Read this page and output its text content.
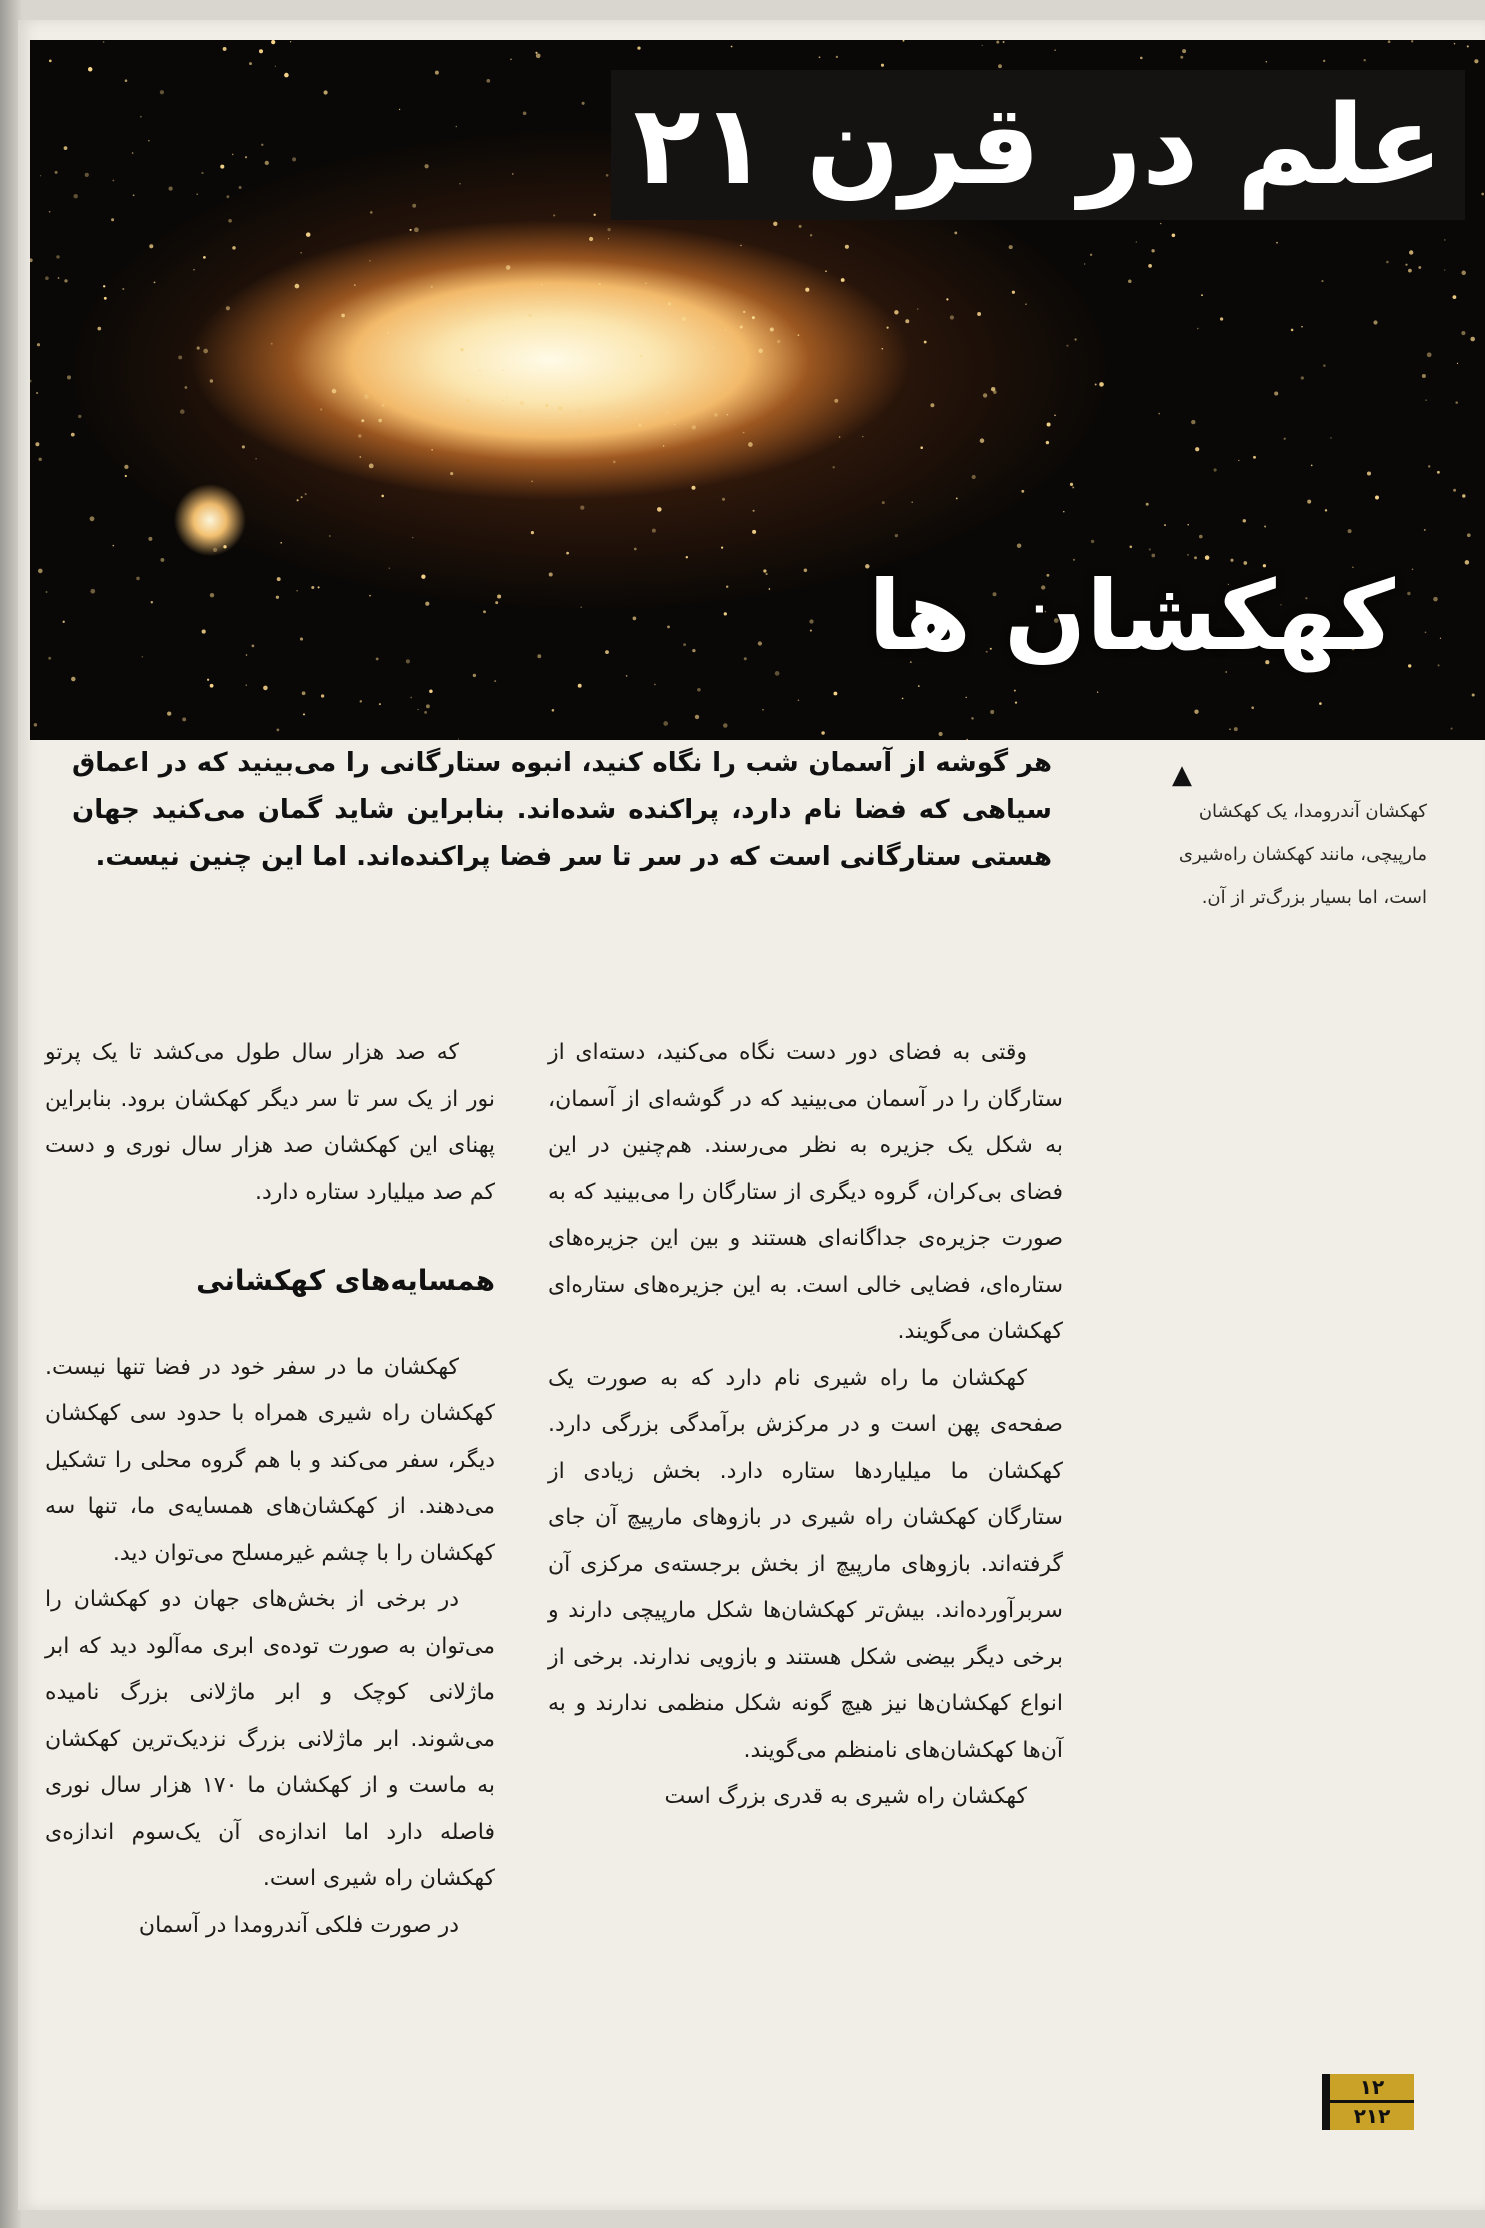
علم در قرن ۲۱
کهکشان ها
▲
کهکشان آندرومدا، یک کهکشان مارپیچی، مانند کهکشان راه‌شیری است، اما بسیار بزرگ‌تر از آن.
هر گوشه از آسمان شب را نگاه کنید، انبوه ستارگانی را می‌بینید که در اعماق سیاهی که فضا نام دارد، پراکنده شده‌اند. بنابراین شاید گمان می‌کنید جهان هستی ستارگانی است که در سر تا سر فضا پراکنده‌اند. اما این چنین نیست.

وقتی به فضای دور دست نگاه می‌کنید، دسته‌ای از ستارگان را در آسمان می‌بینید که در گوشه‌ای از آسمان، به شکل یک جزیره به نظر می‌رسند. هم‌چنین در این فضای بی‌کران، گروه دیگری از ستارگان را می‌بینید که به صورت جزیره‌ی جداگانه‌ای هستند و بین این جزیره‌های ستاره‌ای، فضایی خالی است. به این جزیره‌های ستاره‌ای کهکشان می‌گویند.

کهکشان ما راه شیری نام دارد که به صورت یک صفحه‌ی پهن است و در مرکزش برآمدگی بزرگی دارد. کهکشان ما میلیاردها ستاره دارد. بخش زیادی از ستارگان کهکشان راه شیری در بازوهای مارپیچ آن جای گرفته‌اند. بازوهای مارپیچ از بخش برجسته‌ی مرکزی آن سربرآورده‌اند. بیش‌تر کهکشان‌ها شکل مارپیچی دارند و برخی دیگر بیضی شکل هستند و بازویی ندارند. برخی از انواع کهکشان‌ها نیز هیچ گونه شکل منظمی ندارند و به آن‌ها کهکشان‌های نامنظم می‌گویند.

کهکشان راه شیری به قدری بزرگ است

که صد هزار سال طول می‌کشد تا یک پرتو نور از یک سر تا سر دیگر کهکشان برود. بنابراین پهنای این کهکشان صد هزار سال نوری و دست کم صد میلیارد ستاره دارد.

همسایه‌های کهکشانی

کهکشان ما در سفر خود در فضا تنها نیست. کهکشان راه شیری همراه با حدود سی کهکشان دیگر، سفر می‌کند و با هم گروه محلی را تشکیل می‌دهند. از کهکشان‌های همسایه‌ی ما، تنها سه کهکشان را با چشم غیرمسلح می‌توان دید.

در برخی از بخش‌های جهان دو کهکشان را می‌توان به صورت توده‌ی ابری مه‌آلود دید که ابر ماژلانی کوچک و ابر ماژلانی بزرگ نامیده می‌شوند. ابر ماژلانی بزرگ نزدیک‌ترین کهکشان به ماست و از کهکشان ما ۱۷۰ هزار سال نوری فاصله دارد اما اندازه‌ی آن یک‌سوم اندازه‌ی کهکشان راه شیری است.

در صورت فلکی آندرومدا در آسمان

۱۲
۲۱۲
